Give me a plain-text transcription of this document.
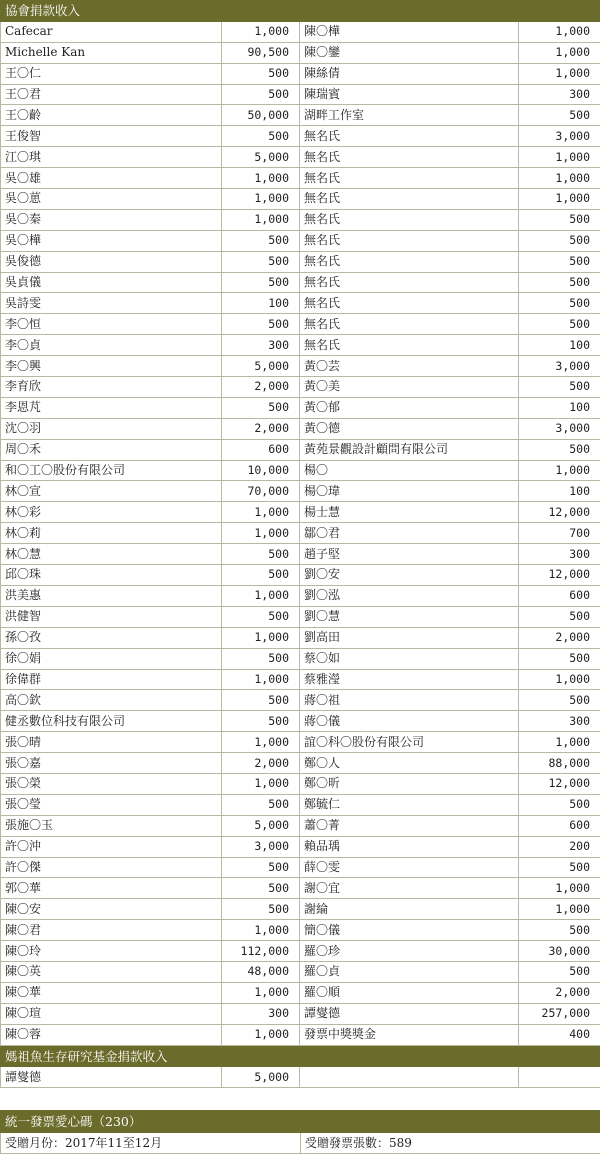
協會捐款收入			
Cafecar	1,000	陳〇樺	1,000
Michelle Kan	90,500	陳〇鑾	1,000
王〇仁	500	陳絲倩	1,000
王〇君	500	陳瑞賓	300
王〇齡	50,000	湖畔工作室	500
王俊智	500	無名氏	3,000
江〇琪	5,000	無名氏	1,000
吳〇雄	1,000	無名氏	1,000
吳〇葸	1,000	無名氏	1,000
吳〇秦	1,000	無名氏	500
吳〇樺	500	無名氏	500
吳俊德	500	無名氏	500
吳貞儀	500	無名氏	500
吳詩雯	100	無名氏	500
李〇恒	500	無名氏	500
李〇貞	300	無名氏	100
李〇興	5,000	黃〇芸	3,000
李育欣	2,000	黃〇美	500
李恩芃	500	黃〇郁	100
沈〇羽	2,000	黃〇德	3,000
周〇禾	600	黃苑景觀設計顧問有限公司	500
和〇工〇股份有限公司	10,000	楊〇	1,000
林〇宣	70,000	楊〇瑋	100
林〇彩	1,000	楊士慧	12,000
林〇莉	1,000	鄒〇君	700
林〇慧	500	趙子堅	300
邱〇珠	500	劉〇安	12,000
洪美惠	1,000	劉〇泓	600
洪健智	500	劉〇慧	500
孫〇孜	1,000	劉高田	2,000
徐〇娟	500	蔡〇如	500
徐偉群	1,000	蔡雅瀅	1,000
高〇欽	500	蔣〇祖	500
健丞數位科技有限公司	500	蔣〇儀	300
張〇晴	1,000	誼〇科〇股份有限公司	1,000
張〇嘉	2,000	鄭〇人	88,000
張〇榮	1,000	鄭〇昕	12,000
張〇瑩	500	鄭毓仁	500
張施〇玉	5,000	蕭〇菁	600
許〇沖	3,000	賴品瑀	200
許〇傑	500	薛〇雯	500
郭〇華	500	謝〇宜	1,000
陳〇安	500	謝綸	1,000
陳〇君	1,000	簡〇儀	500
陳〇玲	112,000	羅〇珍	30,000
陳〇英	48,000	羅〇貞	500
陳〇華	1,000	羅〇順	2,000
陳〇瑄	300	譚燮德	257,000
陳〇蓉	1,000	發票中獎獎金	400
媽祖魚生存研究基金捐款收入
譚燮德	5,000		
統一發票愛心碼（230）
受贈月份：2017年11至12月	受贈發票張數：589
